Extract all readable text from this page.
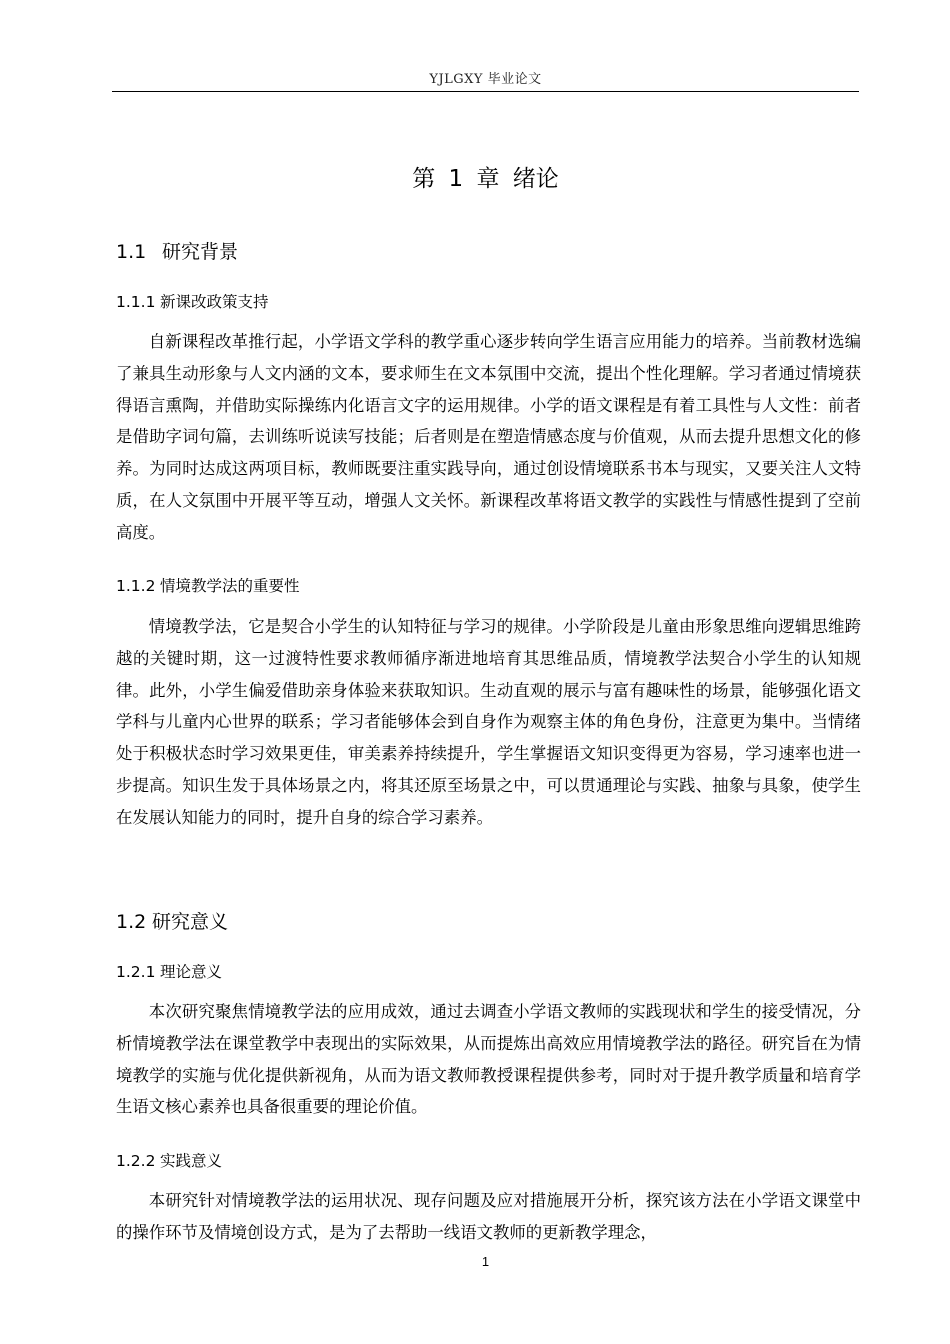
YJLGXY 毕业论文
第 1 章 绪论
1.1 研究背景
1.1.1 新课改政策支持
自新课程改革推行起，小学语文学科的教学重心逐步转向学生语言应用能力的培养。当前教材选编了兼具生动形象与人文内涵的文本，要求师生在文本氛围中交流，提出个性化理解。学习者通过情境获得语言熏陶，并借助实际操练内化语言文字的运用规律。小学的语文课程是有着工具性与人文性：前者是借助字词句篇，去训练听说读写技能；后者则是在塑造情感态度与价值观，从而去提升思想文化的修养。为同时达成这两项目标，教师既要注重实践导向，通过创设情境联系书本与现实，又要关注人文特质，在人文氛围中开展平等互动，增强人文关怀。新课程改革将语文教学的实践性与情感性提到了空前高度。
1.1.2 情境教学法的重要性
情境教学法，它是契合小学生的认知特征与学习的规律。小学阶段是儿童由形象思维向逻辑思维跨越的关键时期，这一过渡特性要求教师循序渐进地培育其思维品质，情境教学法契合小学生的认知规律。此外，小学生偏爱借助亲身体验来获取知识。生动直观的展示与富有趣味性的场景，能够强化语文学科与儿童内心世界的联系；学习者能够体会到自身作为观察主体的角色身份，注意更为集中。当情绪处于积极状态时学习效果更佳，审美素养持续提升，学生掌握语文知识变得更为容易，学习速率也进一步提高。知识生发于具体场景之内，将其还原至场景之中，可以贯通理论与实践、抽象与具象，使学生在发展认知能力的同时，提升自身的综合学习素养。
1.2 研究意义
1.2.1 理论意义
本次研究聚焦情境教学法的应用成效，通过去调查小学语文教师的实践现状和学生的接受情况，分析情境教学法在课堂教学中表现出的实际效果，从而提炼出高效应用情境教学法的路径。研究旨在为情境教学的实施与优化提供新视角，从而为语文教师教授课程提供参考，同时对于提升教学质量和培育学生语文核心素养也具备很重要的理论价值。
1.2.2 实践意义
本研究针对情境教学法的运用状况、现存问题及应对措施展开分析，探究该方法在小学语文课堂中的操作环节及情境创设方式，是为了去帮助一线语文教师的更新教学理念，
1
